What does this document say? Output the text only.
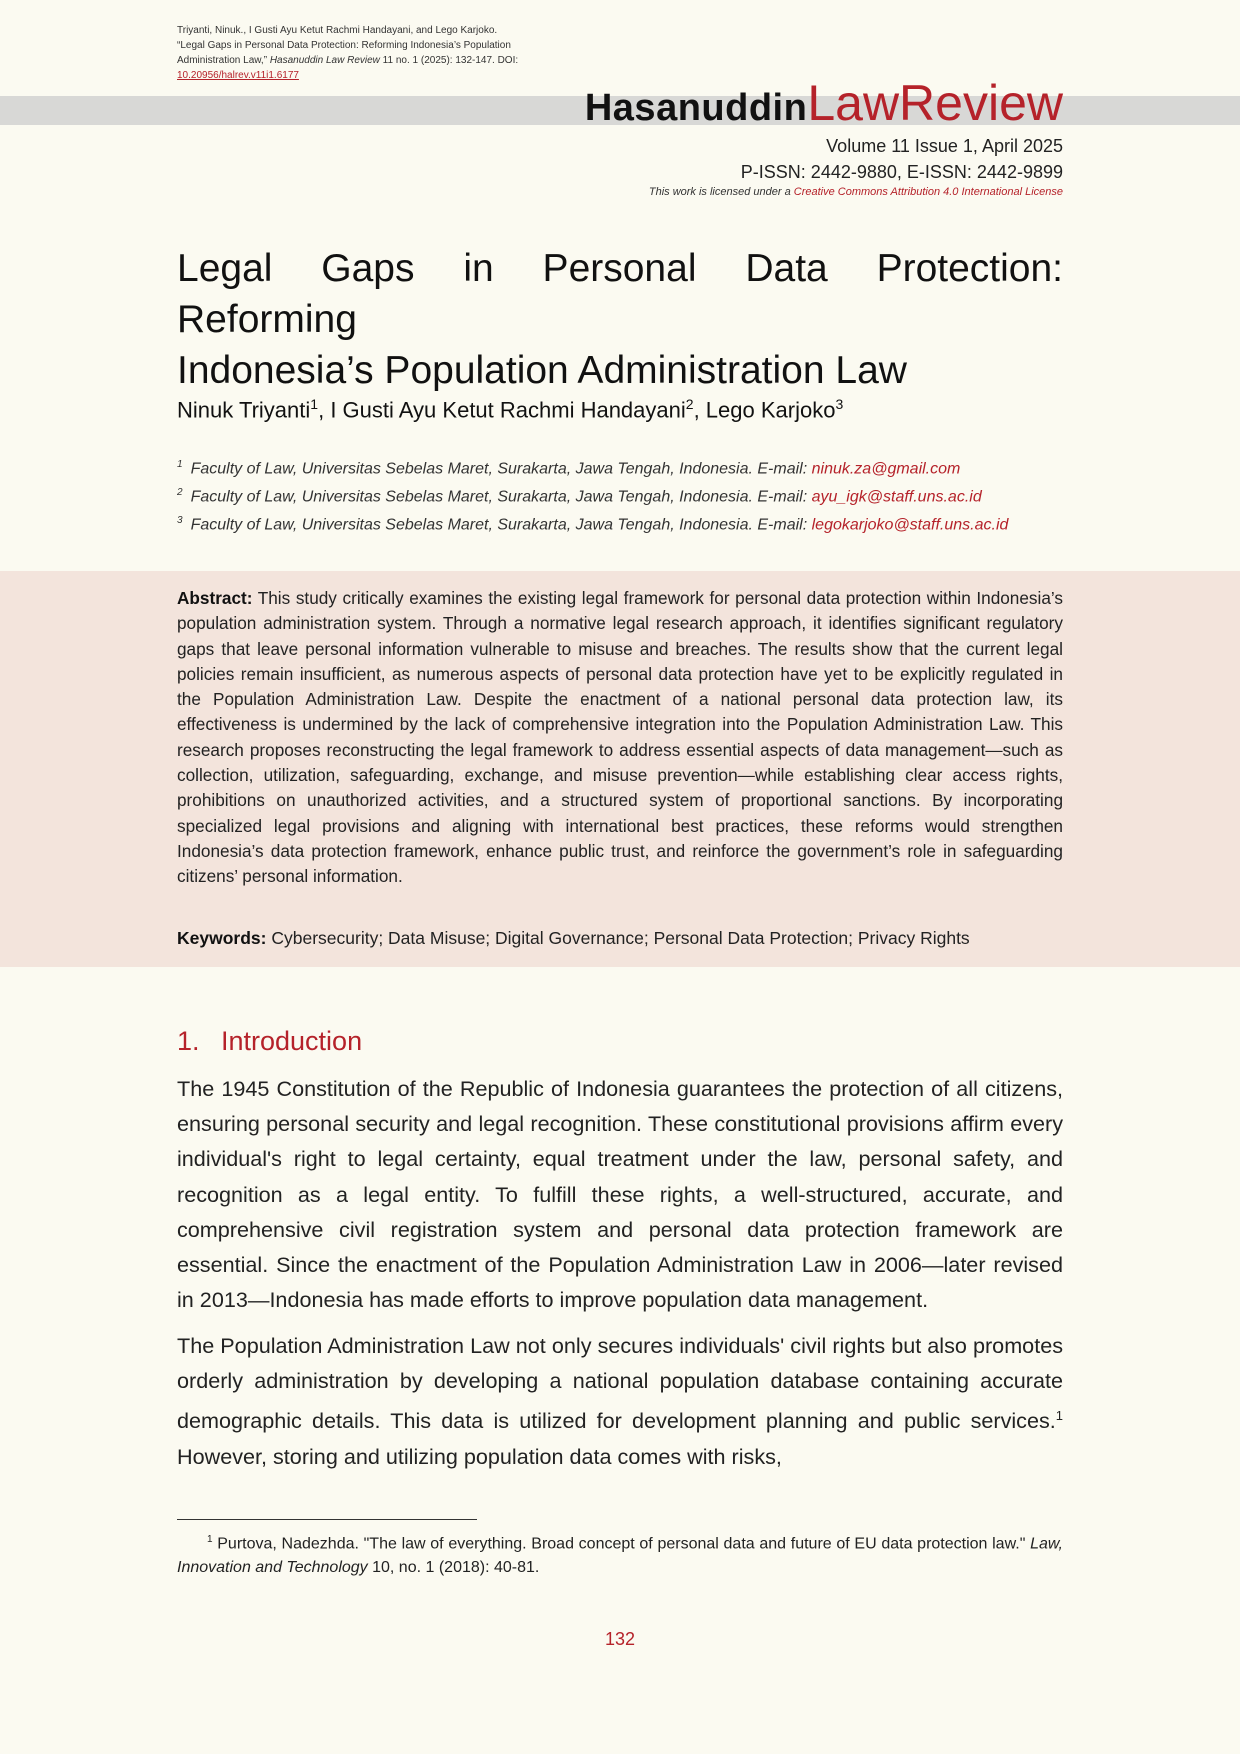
Triyanti, Ninuk., I Gusti Ayu Ketut Rachmi Handayani, and Lego Karjoko. “Legal Gaps in Personal Data Protection: Reforming Indonesia’s Population Administration Law,” Hasanuddin Law Review 11 no. 1 (2025): 132-147. DOI: 10.20956/halrev.v11i1.6177
HasanuddinLawReview
Volume 11 Issue 1, April 2025
P-ISSN: 2442-9880, E-ISSN: 2442-9899
This work is licensed under a Creative Commons Attribution 4.0 International License
Legal Gaps in Personal Data Protection: Reforming
Indonesia’s Population Administration Law
Ninuk Triyanti$^1$, I Gusti Ayu Ketut Rachmi Handayani$^2$, Lego Karjoko$^3$
$^1$ Faculty of Law, Universitas Sebelas Maret, Surakarta, Jawa Tengah, Indonesia. E-mail: ninuk.za@gmail.com
$^2$ Faculty of Law, Universitas Sebelas Maret, Surakarta, Jawa Tengah, Indonesia. E-mail: ayu_igk@staff.uns.ac.id
$^3$ Faculty of Law, Universitas Sebelas Maret, Surakarta, Jawa Tengah, Indonesia. E-mail: legokarjoko@staff.uns.ac.id
Abstract: This study critically examines the existing legal framework for personal data protection within Indonesia’s population administration system. Through a normative legal research approach, it identifies significant regulatory gaps that leave personal information vulnerable to misuse and breaches. The results show that the current legal policies remain insufficient, as numerous aspects of personal data protection have yet to be explicitly regulated in the Population Administration Law. Despite the enactment of a national personal data protection law, its effectiveness is undermined by the lack of comprehensive integration into the Population Administration Law. This research proposes reconstructing the legal framework to address essential aspects of data management—such as collection, utilization, safeguarding, exchange, and misuse prevention—while establishing clear access rights, prohibitions on unauthorized activities, and a structured system of proportional sanctions. By incorporating specialized legal provisions and aligning with international best practices, these reforms would strengthen Indonesia’s data protection framework, enhance public trust, and reinforce the government’s role in safeguarding citizens’ personal information.
Keywords: Cybersecurity; Data Misuse; Digital Governance; Personal Data Protection; Privacy Rights
1. Introduction
The 1945 Constitution of the Republic of Indonesia guarantees the protection of all citizens, ensuring personal security and legal recognition. These constitutional provisions affirm every individual's right to legal certainty, equal treatment under the law, personal safety, and recognition as a legal entity. To fulfill these rights, a well-structured, accurate, and comprehensive civil registration system and personal data protection framework are essential. Since the enactment of the Population Administration Law in 2006—later revised in 2013—Indonesia has made efforts to improve population data management.
The Population Administration Law not only secures individuals' civil rights but also promotes orderly administration by developing a national population database containing accurate demographic details. This data is utilized for development planning and public services.$^1$ However, storing and utilizing population data comes with risks,
$^1$ Purtova, Nadezhda. "The law of everything. Broad concept of personal data and future of EU data protection law." Law, Innovation and Technology 10, no. 1 (2018): 40-81.
132
